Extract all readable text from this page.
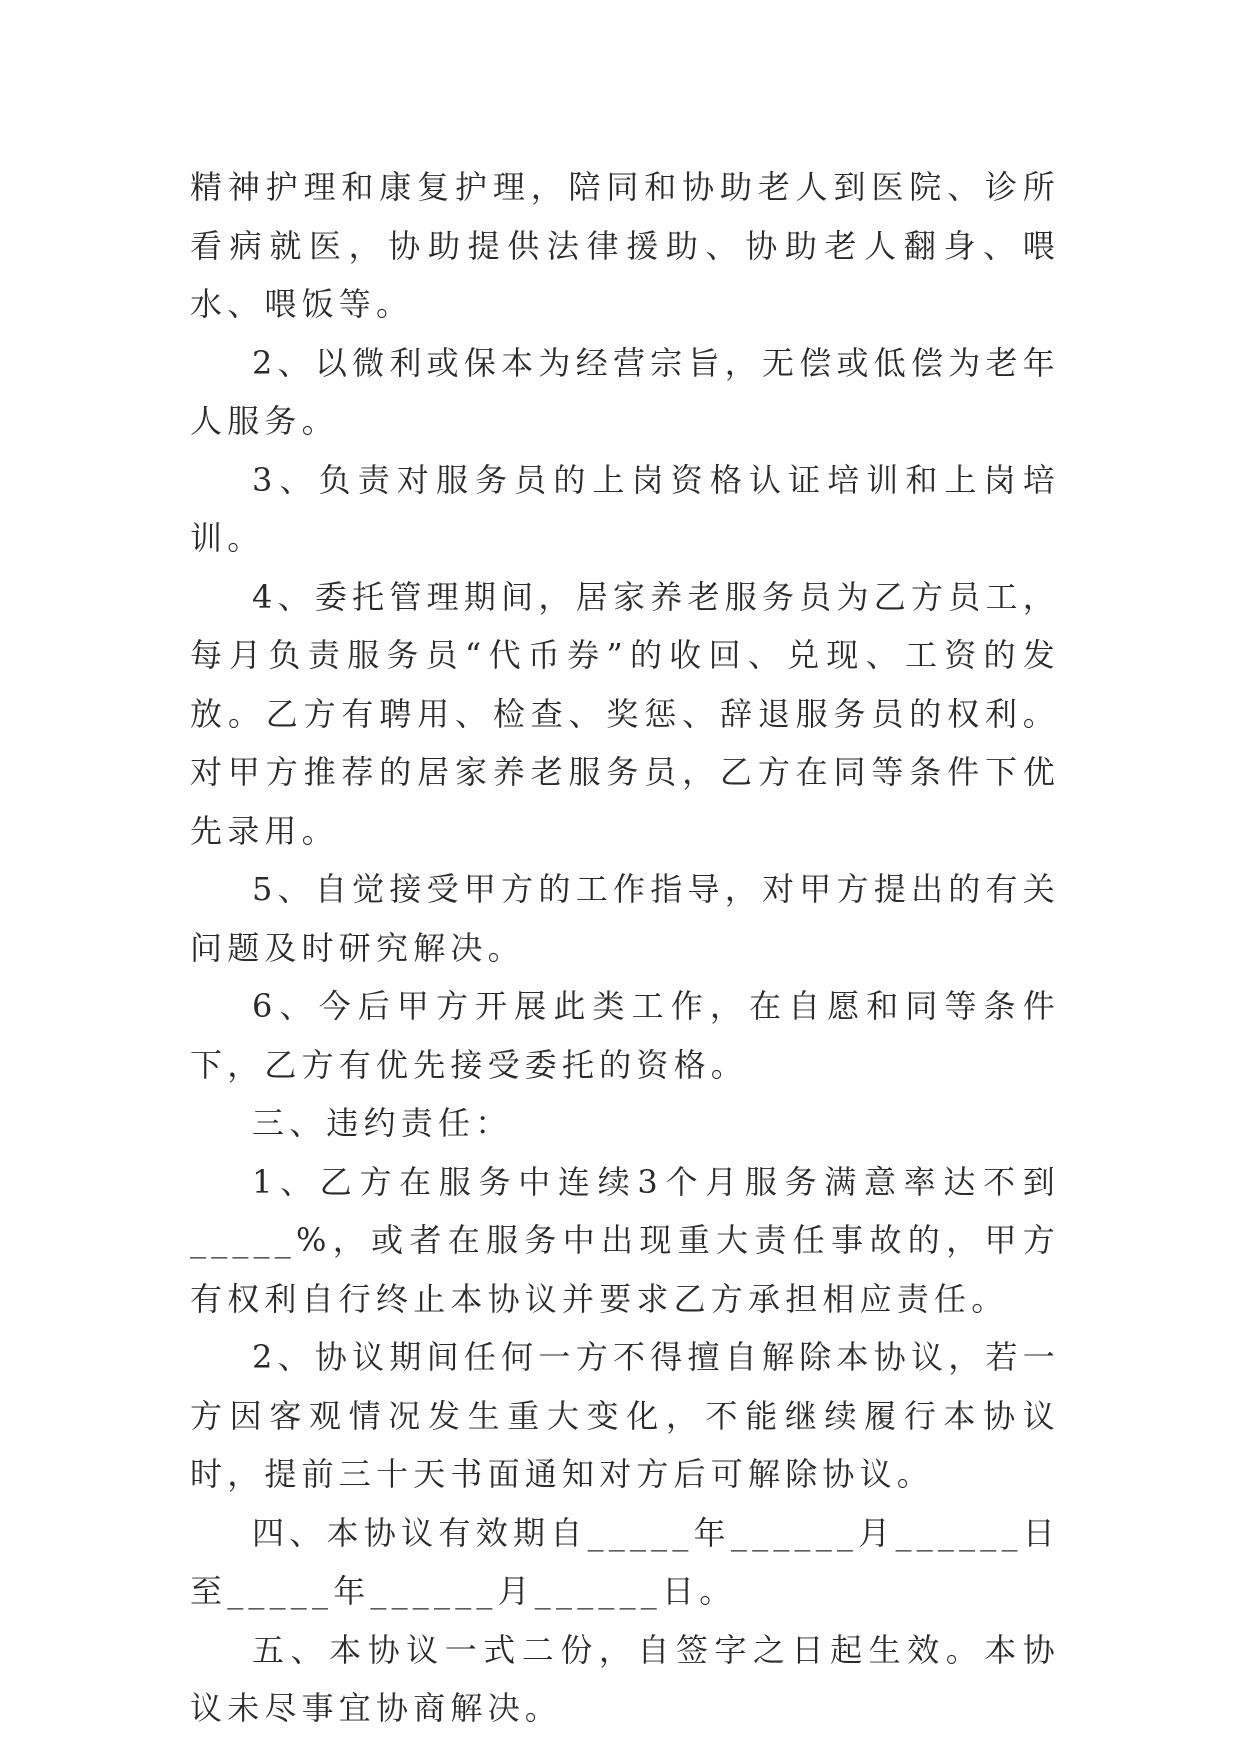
精神护理和康复护理，陪同和协助老人到医院、诊所看病就医，协助提供法律援助、协助老人翻身、喂水、喂饭等。

2、以微利或保本为经营宗旨，无偿或低偿为老年人服务。

3、负责对服务员的上岗资格认证培训和上岗培训。

4、委托管理期间，居家养老服务员为乙方员工，每月负责服务员“代币券”的收回、兑现、工资的发放。乙方有聘用、检查、奖惩、辞退服务员的权利。对甲方推荐的居家养老服务员，乙方在同等条件下优先录用。

5、自觉接受甲方的工作指导，对甲方提出的有关问题及时研究解决。

6、今后甲方开展此类工作，在自愿和同等条件下，乙方有优先接受委托的资格。

三、违约责任：

1、乙方在服务中连续3个月服务满意率达不到_____%，或者在服务中出现重大责任事故的，甲方有权利自行终止本协议并要求乙方承担相应责任。

2、协议期间任何一方不得擅自解除本协议，若一方因客观情况发生重大变化，不能继续履行本协议时，提前三十天书面通知对方后可解除协议。

四、本协议有效期自_____年______月______日至_____年______月______日。

五、本协议一式二份，自签字之日起生效。本协议未尽事宜协商解决。
